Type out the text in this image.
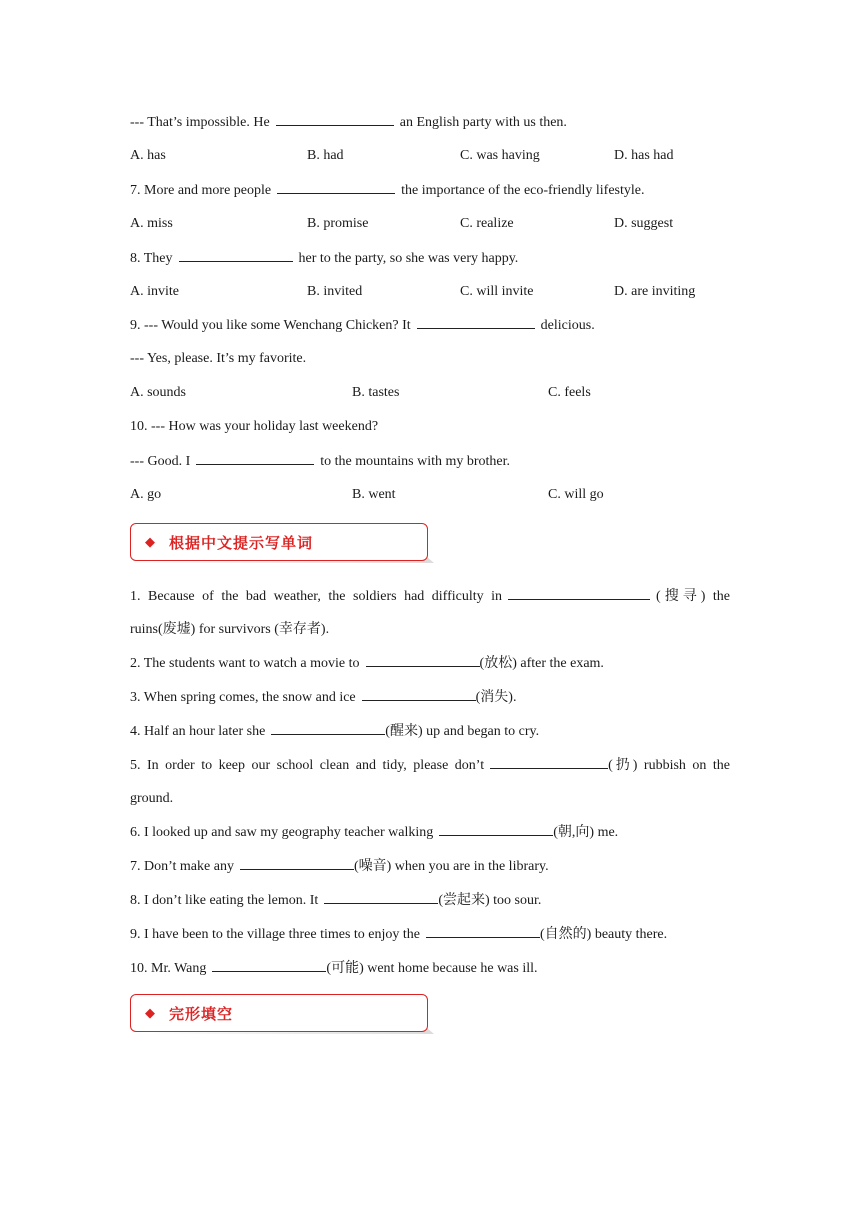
--- That’s impossible. He	an English party with us then.
A. has	B. had	C. was having	D. has had
7. More and more people	the importance of the eco-friendly lifestyle.
A. miss	B. promise	C. realize	D. suggest
8. They	her to the party, so she was very happy.
A. invite	B. invited	C. will invite	D. are inviting
9. --- Would you like some Wenchang Chicken? It	delicious.
--- Yes, please. It’s my favorite.
A. sounds	B. tastes	C. feels
10. --- How was your holiday last weekend?
--- Good. I	to the mountains with my brother.
A. go	B. went	C. will go
◆ 根据中文提示写单词
1. Because of the bad weather, the soldiers had difficulty in	(搜寻) the
ruins(废墟) for survivors (幸存者).
2. The students want to watch a movie to	(放松) after the exam.
3. When spring comes, the snow and ice	(消失).
4. Half an hour later she	(醒来) up and began to cry.
5. In order to keep our school clean and tidy, please don’t	(扔) rubbish on the
ground.
6. I looked up and saw my geography teacher walking	(朝,向) me.
7. Don’t make any	(噪音) when you are in the library.
8. I don’t like eating the lemon. It	(尝起来) too sour.
9. I have been to the village three times to enjoy the	(自然的) beauty there.
10. Mr. Wang	(可能) went home because he was ill.
◆ 完形填空
